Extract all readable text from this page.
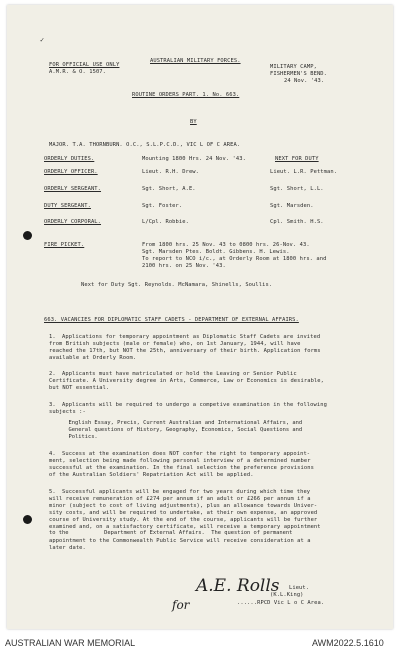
✓
FOR OFFICIAL USE ONLY
A.M.R. & O. 1507.
AUSTRALIAN MILITARY FORCES.
MILITARY CAMP,
FISHERMEN'S BEND.
24 Nov. '43.
ROUTINE ORDERS PART. 1. No. 663.
BY
MAJOR. T.A. THORNBURN. O.C., S.L.P.C.D., VIC L OF C AREA.
ORDERLY DUTIES.	Mounting 1800 Hrs. 24 Nov. '43.	NEXT FOR DUTY
ORDERLY OFFICER.	Lieut. R.H. Drew.	Lieut. L.R. Pettman.
ORDERLY SERGEANT.	Sgt. Short, A.E.	Sgt. Short, L.L.
DUTY SERGEANT.	Sgt. Foster.	Sgt. Marsden.
ORDERLY CORPORAL.	L/Cpl. Robbie.	Cpl. Smith. H.S.
FIRE PICKET.	From 1800 hrs. 25 Nov. 43 to 0800 hrs. 26-Nov. 43.
Sgt. Marsden Ptes. Boldt. Gibbens. H. Lewis.
To report to NCO i/c., at Orderly Room at 1800 hrs. and
2100 hrs. on 25 Nov. '43.
Next for Duty Sgt. Reynolds. McNamara, Shinells, Soullis.
663. VACANCIES FOR DIPLOMATIC STAFF CADETS - DEPARTMENT OF EXTERNAL AFFAIRS.
1. Applications for temporary appointment as Diplomatic Staff Cadets are invited
from British subjects (male or female) who, on 1st January, 1944, will have
reached the 17th, but NOT the 25th, anniversary of their birth. Application forms
available at Orderly Room.
2. Applicants must have matriculated or hold the Leaving or Senior Public
Certificate. A University degree in Arts, Commerce, Law or Economics is desirable,
but NOT essential.
3. Applicants will be required to undergo a competive examination in the following
subjects :-
English Essay, Precis, Current Australian and International Affairs, and
General questions of History, Geography, Economics, Social Questions and
Politics.
4. Success at the examination does NOT confer the right to temporary appoint-
ment, selection being made following personal interview of a determined number
successful at the examination. In the final selection the preference provisions
of the Australian Soldiers' Repatriation Act will be applied.
5. Successful applicants will be engaged for two years during which time they
will receive remuneration of £274 per annum if an adult or £266 per annum if a
minor (subject to cost of living adjustments), plus an allowance towards Univer-
sity costs, and will be required to undertake, at their own expense, an approved
course of University study. At the end of the course, applicants will be further
examined and, on a satisfactory certificate, will receive a temporary appointment
to the           Department of External Affairs.  The question of permanent
appointment to the Commonwealth Public Service will receive consideration at a
later date.
for
A.E. Rolls Lieut.
(K.L.King)
......RPCD Vic L o C Area.
AUSTRALIAN WAR MEMORIAL	AWM2022.5.1610
